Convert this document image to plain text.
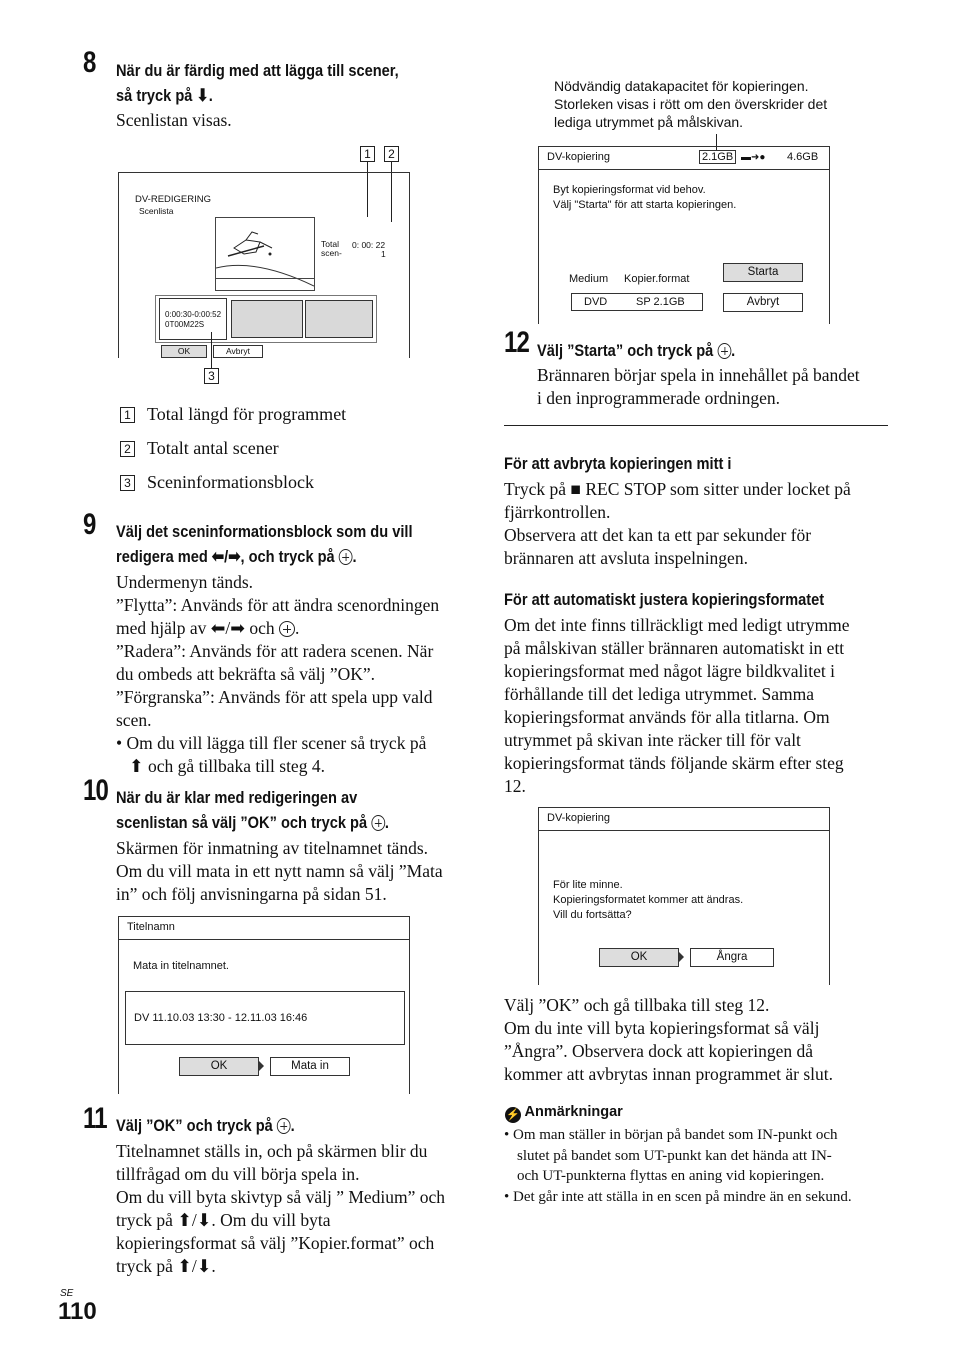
8 När du är färdig med att lägga till scener,
så tryck på ⬇.
Scenlistan visas.
1	2
DV-REDIGERING
Scenlista
Total
scen-
0: 00: 22
1
0:00:30-0:00:52
0T00M22S
OK	Avbryt
3
1 Total längd för programmet
2 Totalt antal scener
3 Sceninformationsblock
9 Välj det sceninformationsblock som du vill
redigera med ⬅/➡, och tryck på .
Undermenyn tänds.
”Flytta”: Används för att ändra scenordningen
med hjälp av ⬅/➡ och .
”Radera”: Används för att radera scenen. När
du ombeds att bekräfta så välj ”OK”.
”Förgranska”: Används för att spela upp vald
scen.
• Om du vill lägga till fler scener så tryck på
⬆ och gå tillbaka till steg 4.
10 När du är klar med redigeringen av
scenlistan så välj ”OK” och tryck på .
Skärmen för inmatning av titelnamnet tänds.
Om du vill mata in ett nytt namn så välj ”Mata
in” och följ anvisningarna på sidan 51.
Titelnamn
Mata in titelnamnet.
DV 11.10.03 13:30 - 12.11.03 16:46
OK	Mata in
11 Välj ”OK” och tryck på .
Titelnamnet ställs in, och på skärmen blir du
tillfrågad om du vill börja spela in.
Om du vill byta skivtyp så välj ” Medium” och
tryck på ⬆/⬇. Om du vill byta
kopieringsformat så välj ”Kopier.format” och
tryck på ⬆/⬇.
SE
110
Nödvändig datakapacitet för kopieringen.
Storleken visas i rött om den överskrider det
lediga utrymmet på målskivan.
DV-kopiering	2.1GB ▬➜● 4.6GB
Byt kopieringsformat vid behov.
Välj "Starta" för att starta kopieringen.
Medium Kopier.format
DVD	SP 2.1GB
Starta
Avbryt
12 Välj ”Starta” och tryck på .
Brännaren börjar spela in innehållet på bandet
i den inprogrammerade ordningen.
För att avbryta kopieringen mitt i
Tryck på ■ REC STOP som sitter under locket på
fjärrkontrollen.
Observera att det kan ta ett par sekunder för
brännaren att avsluta inspelningen.
För att automatiskt justera kopieringsformatet
Om det inte finns tillräckligt med ledigt utrymme
på målskivan ställer brännaren automatiskt in ett
kopieringsformat med något lägre bildkvalitet i
förhållande till det lediga utrymmet. Samma
kopieringsformat används för alla titlarna. Om
utrymmet på skivan inte räcker till för valt
kopieringsformat tänds följande skärm efter steg
12.
DV-kopiering
För lite minne.
Kopieringsformatet kommer att ändras.
Vill du fortsätta?
OK	Ångra
Välj ”OK” och gå tillbaka till steg 12.
Om du inte vill byta kopieringsformat så välj
”Ångra”. Observera dock att kopieringen då
kommer att avbrytas innan programmet är slut.
⚡ Anmärkningar
• Om man ställer in början på bandet som IN-punkt och
slutet på bandet som UT-punkt kan det hända att IN-
och UT-punkterna flyttas en aning vid kopieringen.
• Det går inte att ställa in en scen på mindre än en sekund.
